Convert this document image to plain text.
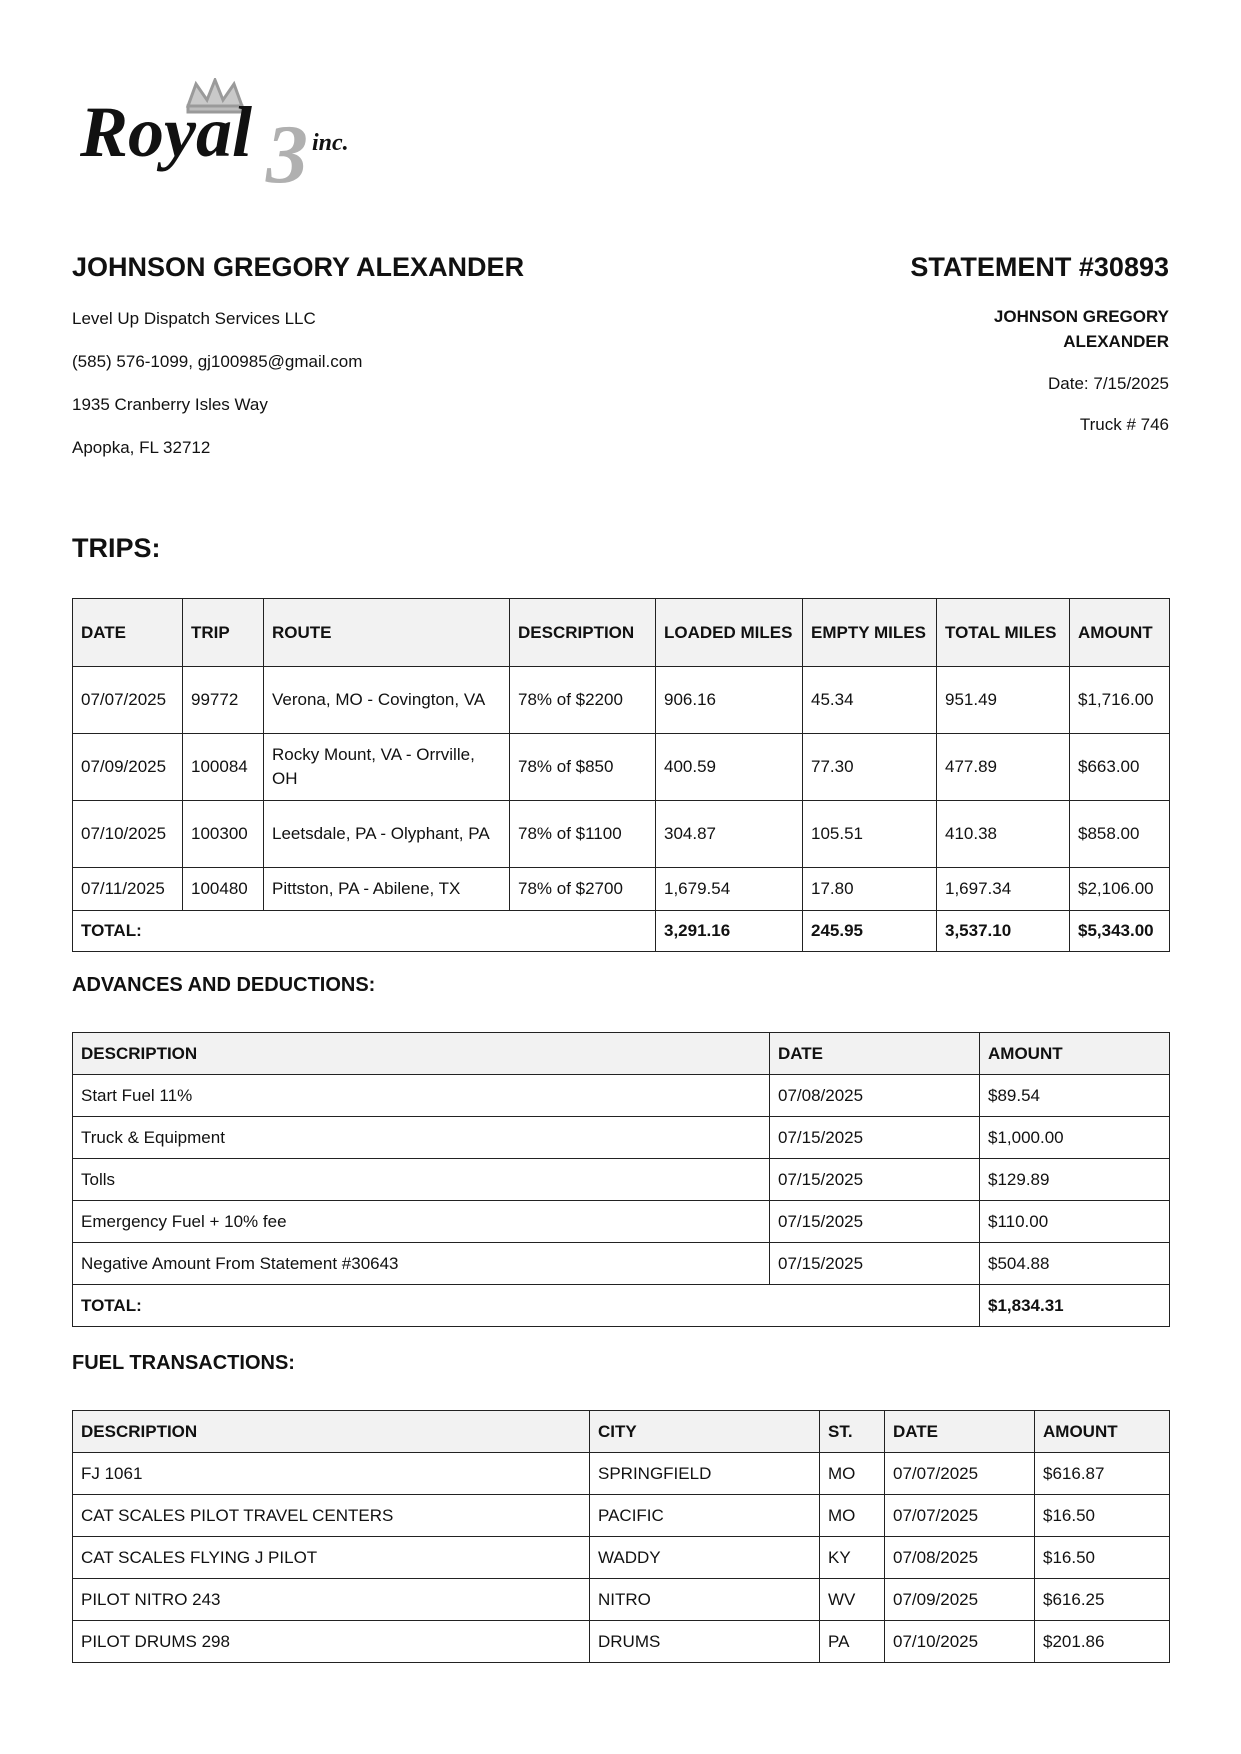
Royal 3 inc.
JOHNSON GREGORY ALEXANDER

Level Up Dispatch Services LLC

(585) 576-1099, gj100985@gmail.com

1935 Cranberry Isles Way

Apopka, FL 32712

STATEMENT #30893
JOHNSON GREGORY
ALEXANDER

Date: 7/15/2025

Truck # 746

TRIPS:
DATE	TRIP	ROUTE	DESCRIPTION	LOADED MILES	EMPTY MILES	TOTAL MILES	AMOUNT
07/07/2025	99772	Verona, MO - Covington, VA	78% of $2200	906.16	45.34	951.49	$1,716.00
07/09/2025	100084	Rocky Mount, VA - Orrville, OH	78% of $850	400.59	77.30	477.89	$663.00
07/10/2025	100300	Leetsdale, PA - Olyphant, PA	78% of $1100	304.87	105.51	410.38	$858.00
07/11/2025	100480	Pittston, PA - Abilene, TX	78% of $2700	1,679.54	17.80	1,697.34	$2,106.00
TOTAL:				3,291.16	245.95	3,537.10	$5,343.00
ADVANCES AND DEDUCTIONS:
DESCRIPTION	DATE	AMOUNT
Start Fuel 11%	07/08/2025	$89.54
Truck & Equipment	07/15/2025	$1,000.00
Tolls	07/15/2025	$129.89
Emergency Fuel + 10% fee	07/15/2025	$110.00
Negative Amount From Statement #30643	07/15/2025	$504.88
TOTAL:		$1,834.31
FUEL TRANSACTIONS:
DESCRIPTION	CITY	ST.	DATE	AMOUNT
FJ 1061	SPRINGFIELD	MO	07/07/2025	$616.87
CAT SCALES PILOT TRAVEL CENTERS	PACIFIC	MO	07/07/2025	$16.50
CAT SCALES FLYING J PILOT	WADDY	KY	07/08/2025	$16.50
PILOT NITRO 243	NITRO	WV	07/09/2025	$616.25
PILOT DRUMS 298	DRUMS	PA	07/10/2025	$201.86
